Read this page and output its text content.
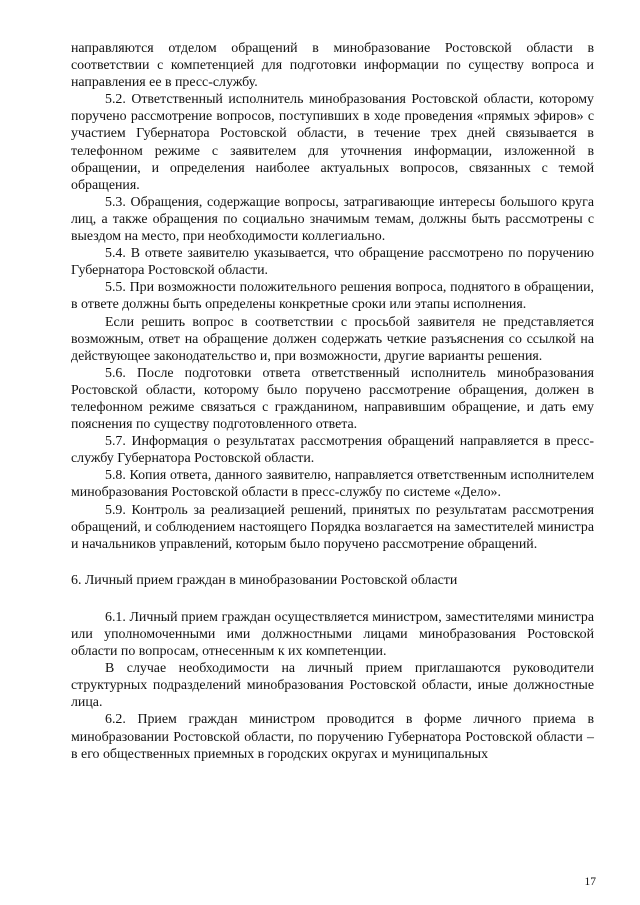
направляются отделом обращений в минобразование Ростовской области в соответствии с компетенцией для подготовки информации по существу вопроса и направления ее в пресс-службу.

5.2. Ответственный исполнитель минобразования Ростовской области, которому поручено рассмотрение вопросов, поступивших в ходе проведения «прямых эфиров» с участием Губернатора Ростовской области, в течение трех дней связывается в телефонном режиме с заявителем для уточнения информации, изложенной в обращении, и определения наиболее актуальных вопросов, связанных с темой обращения.

5.3. Обращения, содержащие вопросы, затрагивающие интересы большого круга лиц, а также обращения по социально значимым темам, должны быть рассмотрены с выездом на место, при необходимости коллегиально.

5.4. В ответе заявителю указывается, что обращение рассмотрено по поручению Губернатора Ростовской области.

5.5. При возможности положительного решения вопроса, поднятого в обращении, в ответе должны быть определены конкретные сроки или этапы исполнения.

Если решить вопрос в соответствии с просьбой заявителя не представляется возможным, ответ на обращение должен содержать четкие разъяснения со ссылкой на действующее законодательство и, при возможности, другие варианты решения.

5.6. После подготовки ответа ответственный исполнитель минобразования Ростовской области, которому было поручено рассмотрение обращения, должен в телефонном режиме связаться с гражданином, направившим обращение, и дать ему пояснения по существу подготовленного ответа.

5.7. Информация о результатах рассмотрения обращений направляется в пресс-службу Губернатора Ростовской области.

5.8. Копия ответа, данного заявителю, направляется ответственным исполнителем минобразования Ростовской области в пресс-службу по системе «Дело».

5.9. Контроль за реализацией решений, принятых по результатам рассмотрения обращений, и соблюдением настоящего Порядка возлагается на заместителей министра и начальников управлений, которым было поручено рассмотрение обращений.

6. Личный прием граждан в минобразовании Ростовской области

6.1. Личный прием граждан осуществляется министром, заместителями министра или уполномоченными ими должностными лицами минобразования Ростовской области по вопросам, отнесенным к их компетенции.

В случае необходимости на личный прием приглашаются руководители структурных подразделений минобразования Ростовской области, иные должностные лица.

6.2. Прием граждан министром проводится в форме личного приема в минобразовании Ростовской области, по поручению Губернатора Ростовской области – в его общественных приемных в городских округах и муниципальных

17
